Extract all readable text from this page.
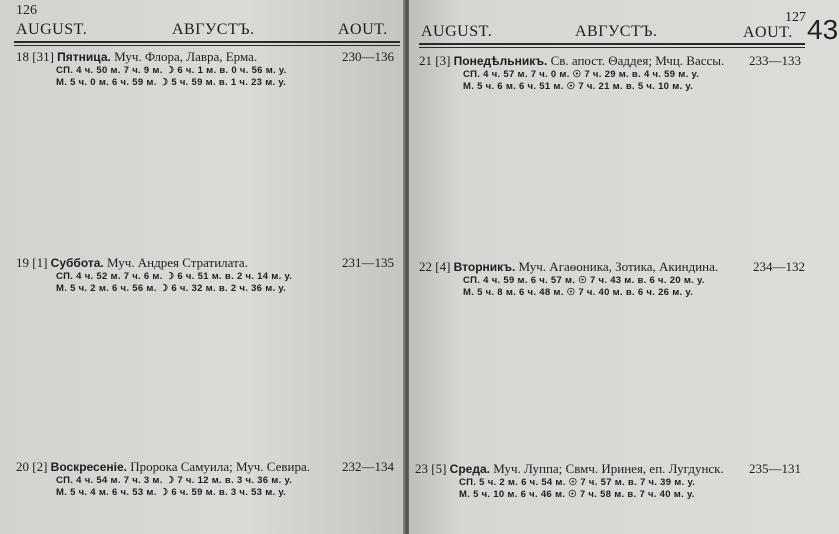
126
AUGUST.	АВГУСТЪ.	AOUT.
18 [31] Пятница. Муч. Флора, Лавра, Ерма.	230—136
СП. 4 ч. 50 м. 7 ч. 9 м. ☽ 6 ч. 1 м. в. 0 ч. 56 м. у.
М. 5 ч. 0 м. 6 ч. 59 м. ☽ 5 ч. 59 м. в. 1 ч. 23 м. у.
19 [1] Суббота. Муч. Андрея Стратилата.	231—135
СП. 4 ч. 52 м. 7 ч. 6 м. ☽ 6 ч. 51 м. в. 2 ч. 14 м. у.
М. 5 ч. 2 м. 6 ч. 56 м. ☽ 6 ч. 32 м. в. 2 ч. 36 м. у.
20 [2] Воскресеніе. Пророка Самуила; Муч. Севира. 232—134
СП. 4 ч. 54 м. 7 ч. 3 м. ☽ 7 ч. 12 м. в. 3 ч. 36 м. у.
М. 5 ч. 4 м. 6 ч. 53 м. ☽ 6 ч. 59 м. в. 3 ч. 53 м. у.
127 43
AUGUST.	АВГУСТЪ.	AOUT.
21 [3] Понедѣльникъ. Св. апост. Θаддея; Мчц. Вассы. 233—133
СП. 4 ч. 57 м. 7 ч. 0 м. ☉ 7 ч. 29 м. в. 4 ч. 59 м. у.
М. 5 ч. 6 м. 6 ч. 51 м. ☉ 7 ч. 21 м. в. 5 ч. 10 м. у.
22 [4] Вторникъ. Муч. Агаѳоника, Зотика, Акиндина.	234—132
СП. 4 ч. 59 м. 6 ч. 57 м. ☉ 7 ч. 43 м. в. 6 ч. 20 м. у.
М. 5 ч. 8 м. 6 ч. 48 м. ☉ 7 ч. 40 м. в. 6 ч. 26 м. у.
23 [5] Среда. Муч. Луппа; Свмч. Иринея, еп. Лугдунск. 235—131
СП. 5 ч. 2 м. 6 ч. 54 м. ☉ 7 ч. 57 м. в. 7 ч. 39 м. у.
М. 5 ч. 10 м. 6 ч. 46 м. ☉ 7 ч. 58 м. в. 7 ч. 40 м. у.
